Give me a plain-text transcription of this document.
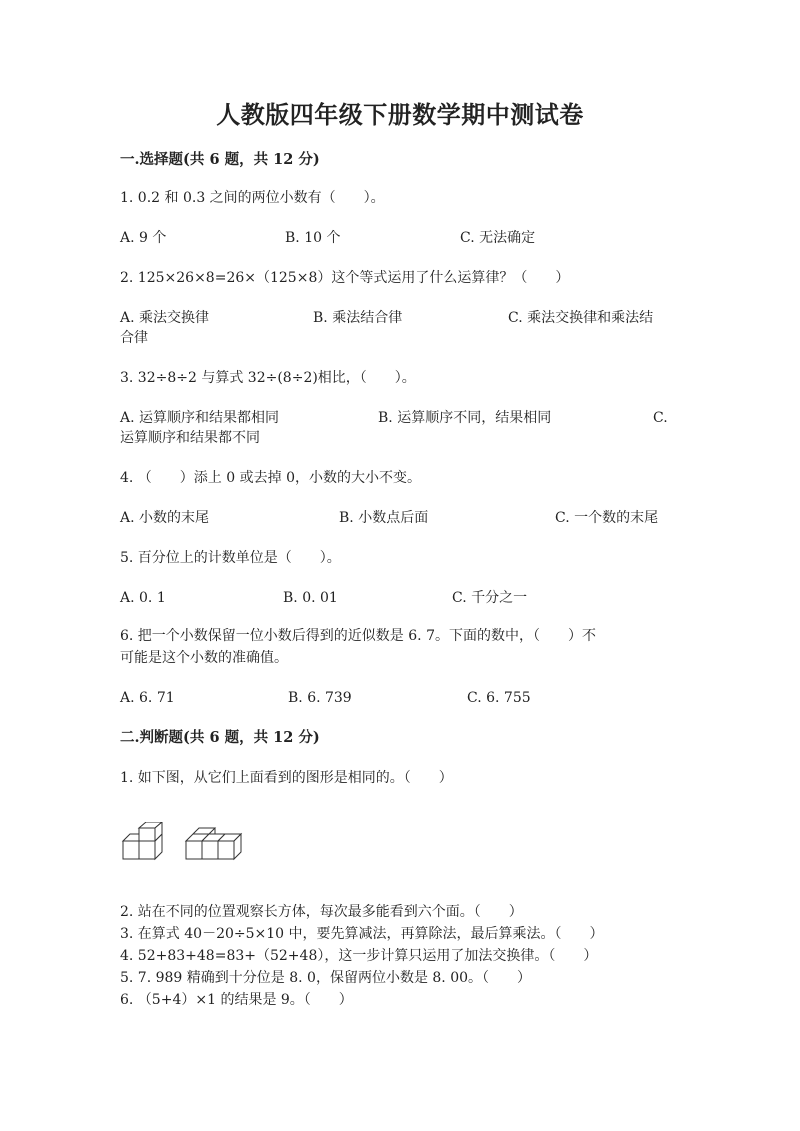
人教版四年级下册数学期中测试卷
一.选择题(共 6 题，共 12 分)
1. 0.2 和 0.3 之间的两位小数有（　　）。
A. 9 个	B. 10 个	C. 无法确定
2. 125×26×8=26×（125×8）这个等式运用了什么运算律？（　　）
A. 乘法交换律	B. 乘法结合律	C. 乘法交换律和乘法结
合律
3. 32÷8÷2 与算式 32÷(8÷2)相比，（　　）。
A. 运算顺序和结果都相同	B. 运算顺序不同，结果相同	C.
运算顺序和结果都不同
4. （　　）添上 0 或去掉 0，小数的大小不变。
A. 小数的末尾	B. 小数点后面	C. 一个数的末尾
5. 百分位上的计数单位是（　　）。
A. 0. 1	B. 0. 01	C. 千分之一
6. 把一个小数保留一位小数后得到的近似数是 6. 7。下面的数中，（　　）不
可能是这个小数的准确值。
A. 6. 71	B. 6. 739	C. 6. 755
二.判断题(共 6 题，共 12 分)
1. 如下图，从它们上面看到的图形是相同的。（　　）
2. 站在不同的位置观察长方体，每次最多能看到六个面。（　　）
3. 在算式 40－20÷5×10 中，要先算减法，再算除法，最后算乘法。（　　）
4. 52+83+48=83+（52+48），这一步计算只运用了加法交换律。（　　）
5. 7. 989 精确到十分位是 8. 0，保留两位小数是 8. 00。（　　）
6. （5+4）×1 的结果是 9。（　　）
